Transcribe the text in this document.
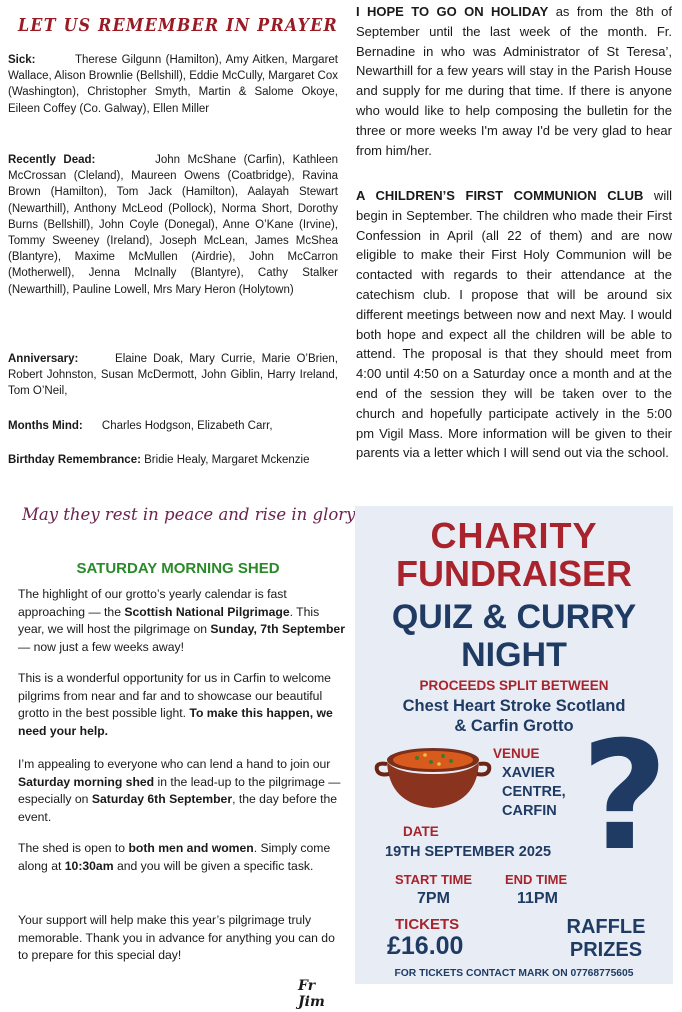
LET US REMEMBER IN PRAYER

Sick:	Therese Gilgunn (Hamilton), Amy Aitken, Margaret Wallace, Alison Brownlie (Bellshill), Eddie McCully, Margaret Cox (Washington), Christopher Smyth, Martin & Salome Okoye, Eileen Coffey (Co. Galway), Ellen Miller

Recently Dead:	John McShane (Carfin), Kathleen McCrossan (Cleland), Maureen Owens (Coatbridge), Ravina Brown (Hamilton), Tom Jack (Hamilton), Aalayah Stewart (Newarthill), Anthony McLeod (Pollock), Norma Short, Dorothy Burns (Bellshill), John Coyle (Donegal), Anne O’Kane (Irvine), Tommy Sweeney (Ireland), Joseph McLean, James McShea (Blantyre), Maxime McMullen (Airdrie), John McCarron (Motherwell), Jenna McInally (Blantyre), Cathy Stalker (Newarthill), Pauline Lowell, Mrs Mary Heron (Holytown)

Anniversary:	Elaine Doak, Mary Currie, Marie O’Brien, Robert Johnston, Susan McDermott, John Giblin, Harry Ireland, Tom O’Neil,

Months Mind: Charles Hodgson, Elizabeth Carr,

Birthday Remembrance: Bridie Healy, Margaret Mckenzie

May they rest in peace and rise in glory
SATURDAY MORNING SHED

The highlight of our grotto’s yearly calendar is fast approaching — the Scottish National Pilgrimage. This year, we will host the pilgrimage on Sunday, 7th September — now just a few weeks away!

This is a wonderful opportunity for us in Carfin to welcome pilgrims from near and far and to showcase our beautiful grotto in the best possible light. To make this happen, we need your help.

I’m appealing to everyone who can lend a hand to join our Saturday morning shed in the lead-up to the pilgrimage — especially on Saturday 6th September, the day before the event.

The shed is open to both men and women. Simply come along at 10:30am and you will be given a specific task.

Your support will help make this year’s pilgrimage truly memorable. Thank you in advance for anything you can do to prepare for this special day!

Fr Jim

I HOPE TO GO ON HOLIDAY as from the 8th of September until the last week of the month. Fr. Bernadine in who was Administrator of St Teresa’, Newarthill for a few years will stay in the Parish House and supply for me during that time. If there is anyone who would like to help composing the bulletin for the three or more weeks I'm away I'd be very glad to hear from him/her.

A CHILDREN’S FIRST COMMUNION CLUB will begin in September. The children who made their First Confession in April (all 22 of them) and are now eligible to make their First Holy Communion will be contacted with regards to their attendance at the catechism club. I propose that will be around six different meetings between now and next May. I would both hope and expect all the children will be able to attend. The proposal is that they should meet from 4:00 until 4:50 on a Saturday once a month and at the end of the session they will be taken over to the church and hopefully participate actively in the 5:00 pm Vigil Mass. More information will be given to their parents via a letter which I will send out via the school.

CHARITY
FUNDRAISER
QUIZ & CURRY
NIGHT
PROCEEDS SPLIT BETWEEN
Chest Heart Stroke Scotland
& Carfin Grotto
VENUE
XAVIER CENTRE, CARFIN ?
DATE
19TH SEPTEMBER 2025
START TIME
7PM
END TIME
11PM
TICKETS
£16.00
RAFFLE PRIZES
FOR TICKETS CONTACT MARK ON 07768775605
